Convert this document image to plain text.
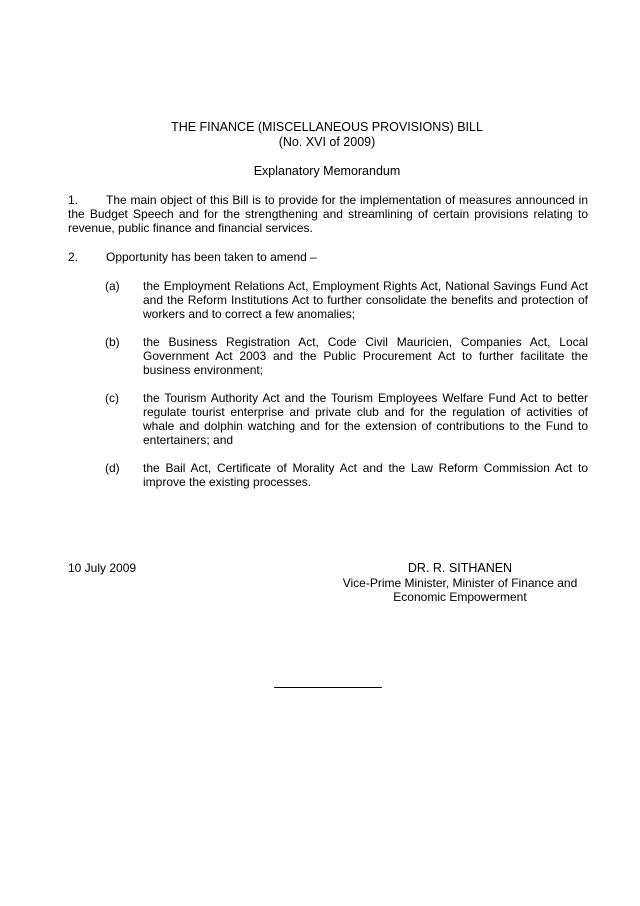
THE FINANCE (MISCELLANEOUS PROVISIONS) BILL
(No. XVI of 2009)
Explanatory Memorandum
1.	The main object of this Bill is to provide for the implementation of measures announced in the Budget Speech and for the strengthening and streamlining of certain provisions relating to revenue, public finance and financial services.
2.	Opportunity has been taken to amend –
(a) the Employment Relations Act, Employment Rights Act, National Savings Fund Act and the Reform Institutions Act to further consolidate the benefits and protection of workers and to correct a few anomalies;
(b) the Business Registration Act, Code Civil Mauricien, Companies Act, Local Government Act 2003 and the Public Procurement Act to further facilitate the business environment;
(c) the Tourism Authority Act and the Tourism Employees Welfare Fund Act to better regulate tourist enterprise and private club and for the regulation of activities of whale and dolphin watching and for the extension of contributions to the Fund to entertainers; and
(d) the Bail Act, Certificate of Morality Act and the Law Reform Commission Act to improve the existing processes.
10 July 2009	DR. R. SITHANEN
Vice-Prime Minister, Minister of Finance and
Economic Empowerment
